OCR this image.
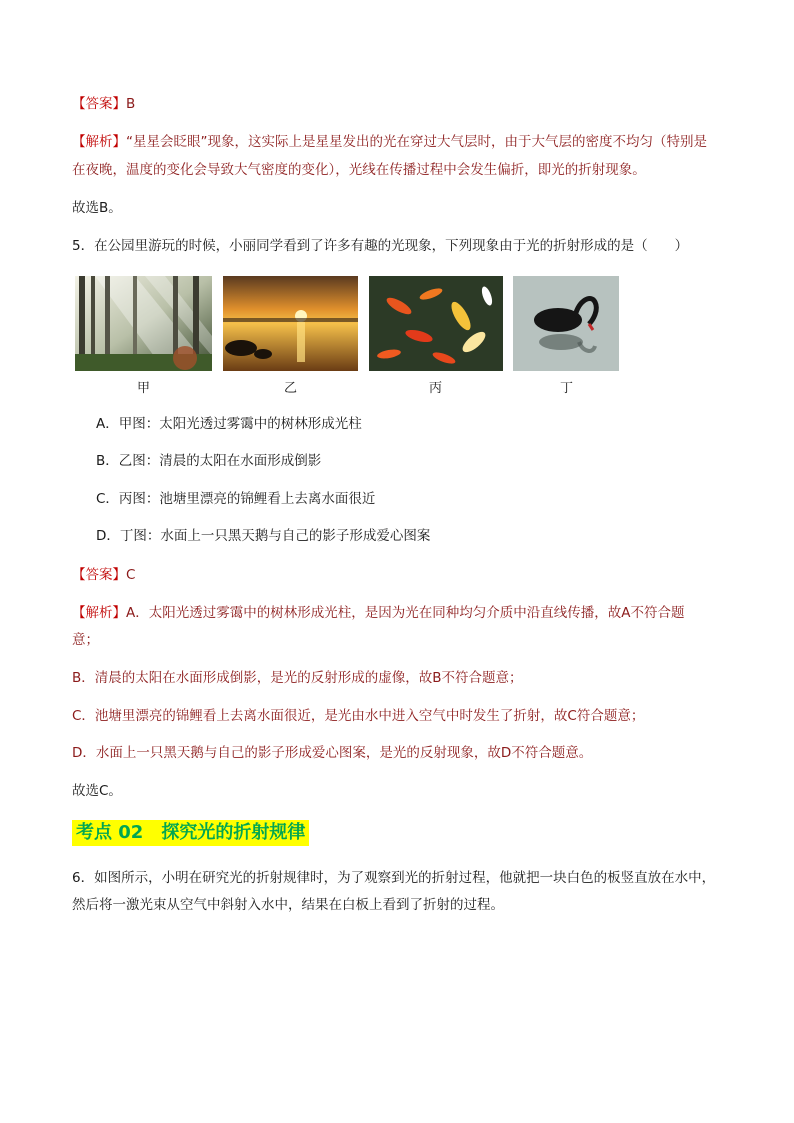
【答案】B
【解析】“星星会眨眼”现象，这实际上是星星发出的光在穿过大气层时，由于大气层的密度不均匀（特别是
在夜晚，温度的变化会导致大气密度的变化），光线在传播过程中会发生偏折，即光的折射现象。
故选B。
5．在公园里游玩的时候，小丽同学看到了许多有趣的光现象，下列现象由于光的折射形成的是（　　）
甲	乙	丙	丁
A．甲图：太阳光透过雾霭中的树林形成光柱
B．乙图：清晨的太阳在水面形成倒影
C．丙图：池塘里漂亮的锦鲤看上去离水面很近
D．丁图：水面上一只黑天鹅与自己的影子形成爱心图案
【答案】C
【解析】A．太阳光透过雾霭中的树林形成光柱，是因为光在同种均匀介质中沿直线传播，故A不符合题
意；
B．清晨的太阳在水面形成倒影，是光的反射形成的虚像，故B不符合题意；
C．池塘里漂亮的锦鲤看上去离水面很近，是光由水中进入空气中时发生了折射，故C符合题意；
D．水面上一只黑天鹅与自己的影子形成爱心图案，是光的反射现象，故D不符合题意。
故选C。
考点 02　探究光的折射规律
6．如图所示，小明在研究光的折射规律时，为了观察到光的折射过程，他就把一块白色的板竖直放在水中，
然后将一激光束从空气中斜射入水中，结果在白板上看到了折射的过程。
